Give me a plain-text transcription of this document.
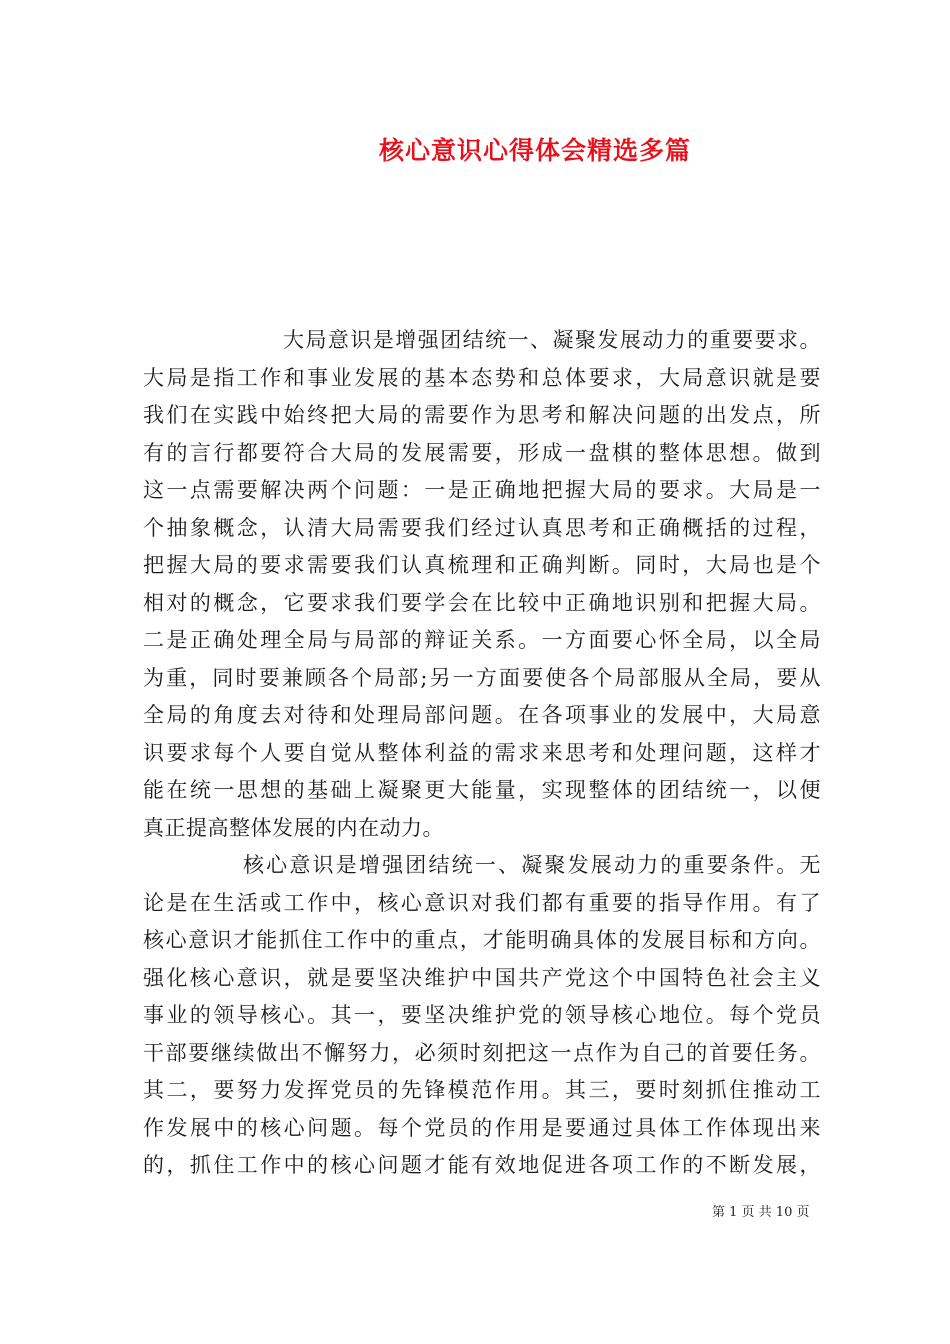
核心意识心得体会精选多篇
大局意识是增强团结统一、凝聚发展动力的重要要求。
大局是指工作和事业发展的基本态势和总体要求，大局意识就是要
我们在实践中始终把大局的需要作为思考和解决问题的出发点，所
有的言行都要符合大局的发展需要，形成一盘棋的整体思想。做到
这一点需要解决两个问题：一是正确地把握大局的要求。大局是一
个抽象概念，认清大局需要我们经过认真思考和正确概括的过程，
把握大局的要求需要我们认真梳理和正确判断。同时，大局也是个
相对的概念，它要求我们要学会在比较中正确地识别和把握大局。
二是正确处理全局与局部的辩证关系。一方面要心怀全局，以全局
为重，同时要兼顾各个局部;另一方面要使各个局部服从全局，要从
全局的角度去对待和处理局部问题。在各项事业的发展中，大局意
识要求每个人要自觉从整体利益的需求来思考和处理问题，这样才
能在统一思想的基础上凝聚更大能量，实现整体的团结统一，以便
真正提高整体发展的内在动力。
核心意识是增强团结统一、凝聚发展动力的重要条件。无
论是在生活或工作中，核心意识对我们都有重要的指导作用。有了
核心意识才能抓住工作中的重点，才能明确具体的发展目标和方向。
强化核心意识，就是要坚决维护中国共产党这个中国特色社会主义
事业的领导核心。其一，要坚决维护党的领导核心地位。每个党员
干部要继续做出不懈努力，必须时刻把这一点作为自己的首要任务。
其二，要努力发挥党员的先锋模范作用。其三，要时刻抓住推动工
作发展中的核心问题。每个党员的作用是要通过具体工作体现出来
的，抓住工作中的核心问题才能有效地促进各项工作的不断发展，
第 1 页 共 10 页
